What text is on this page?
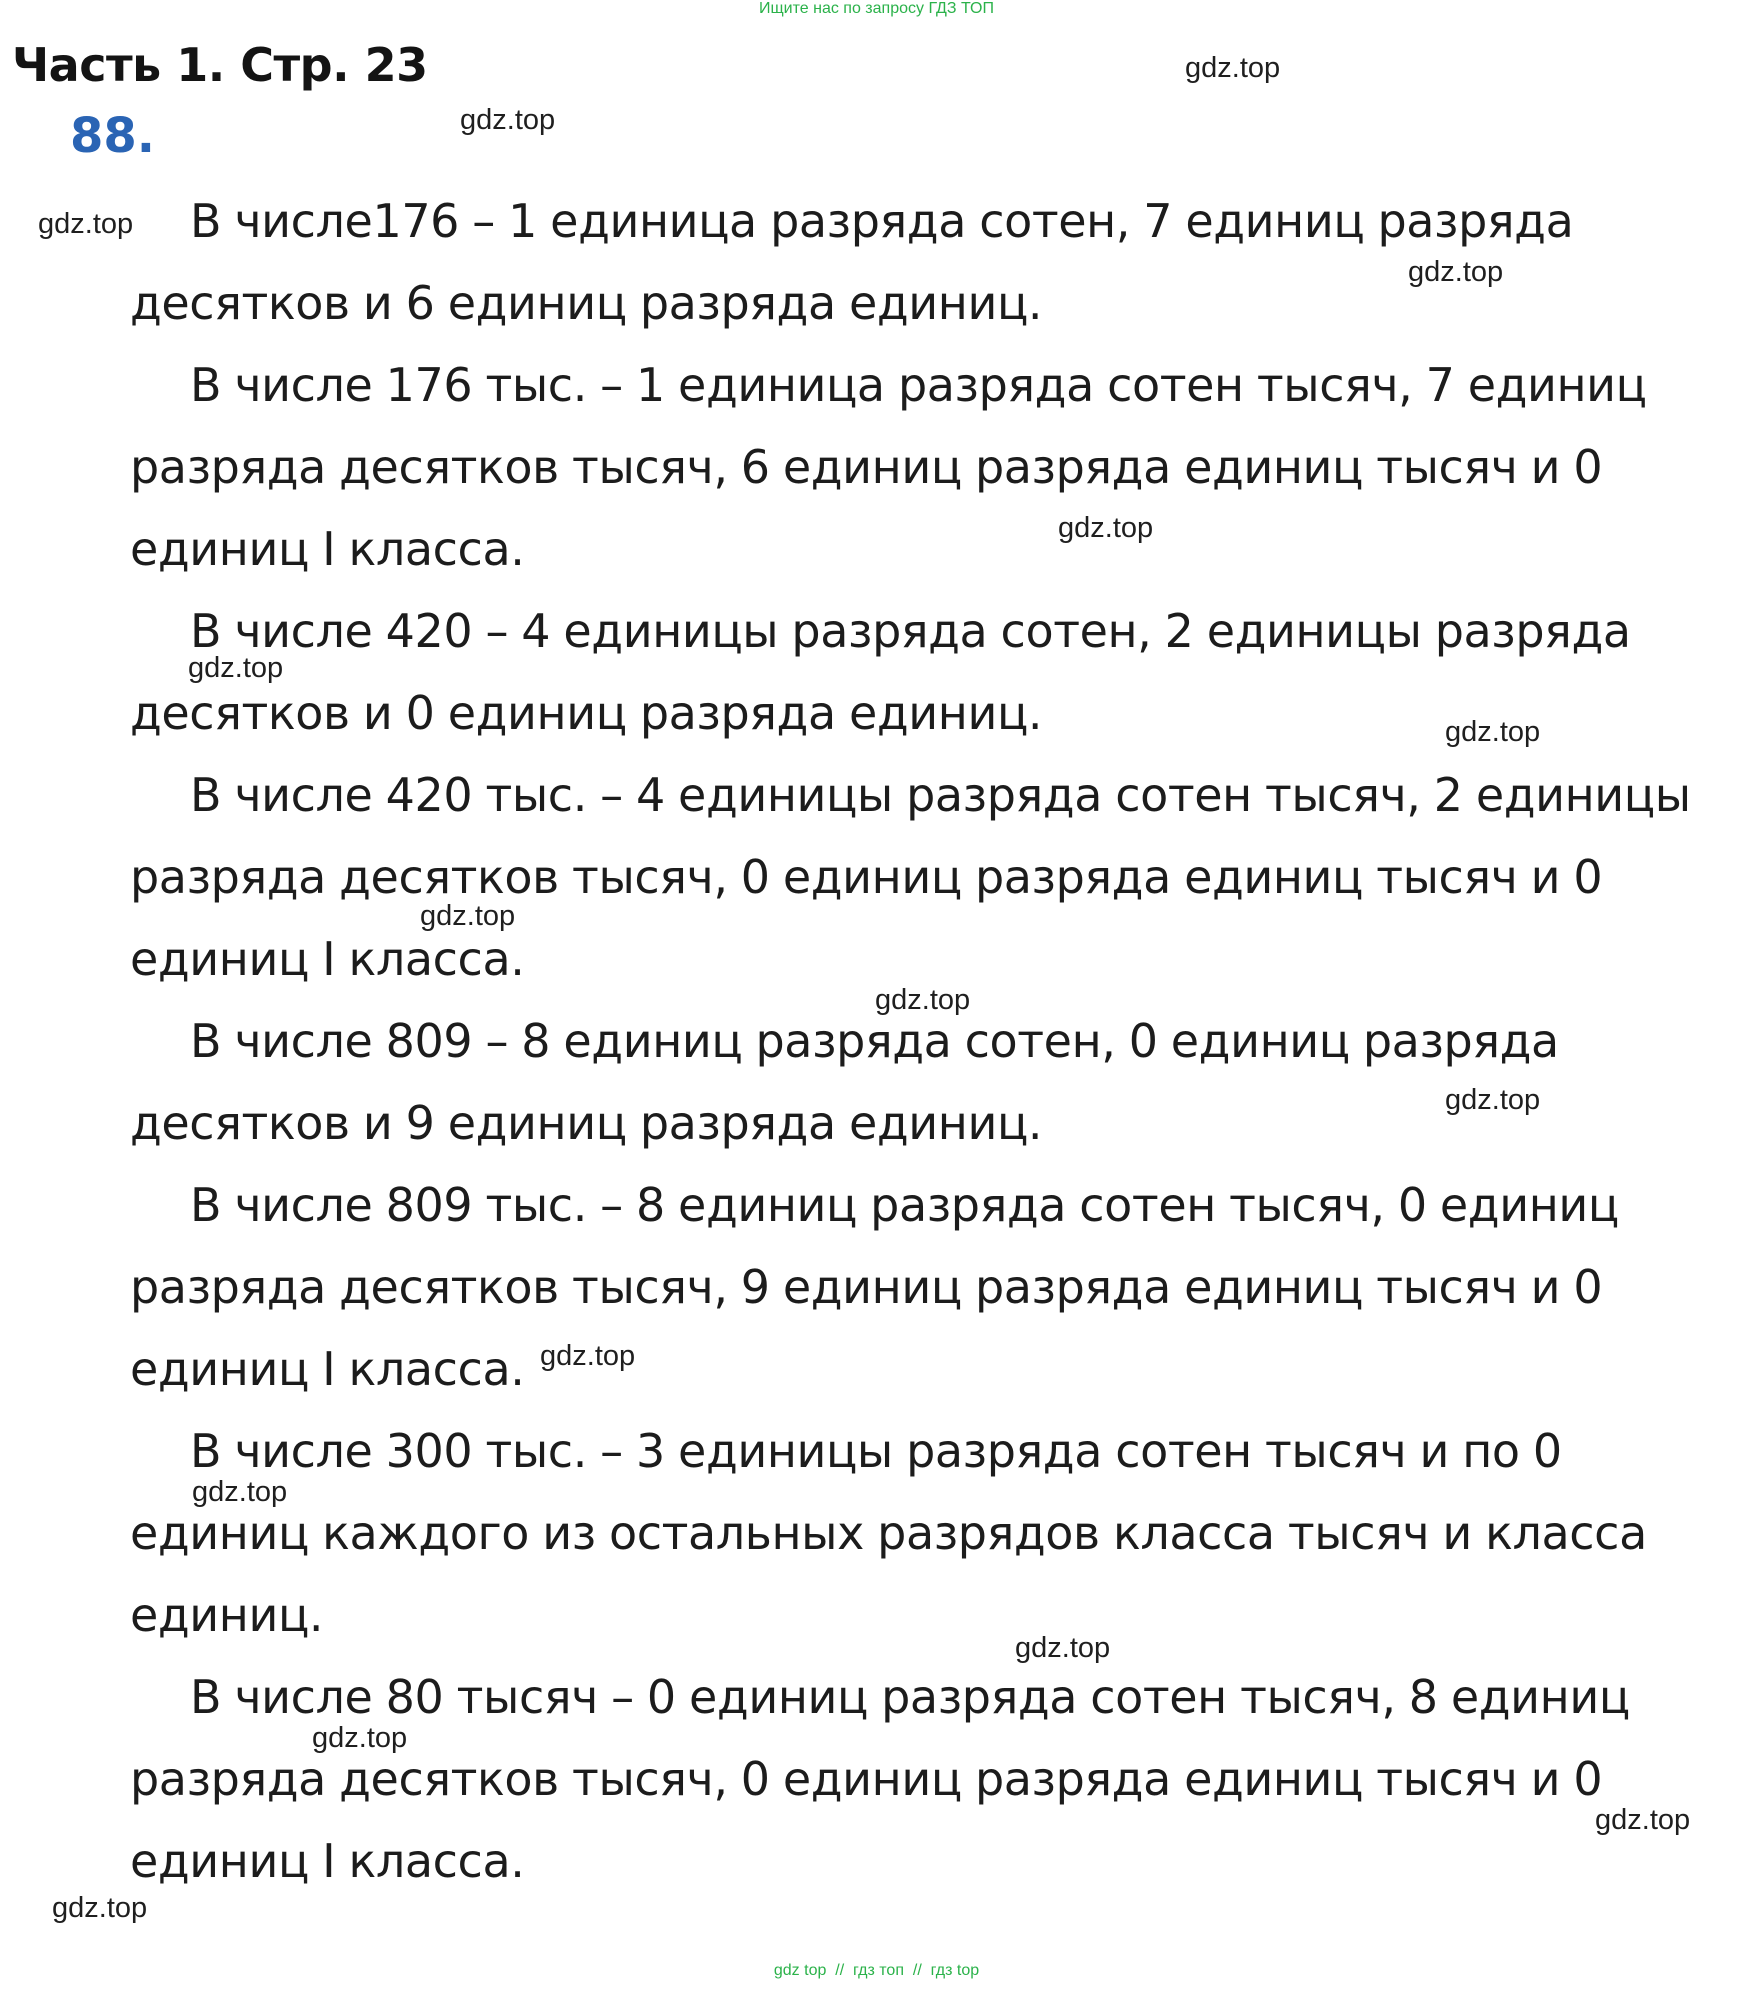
Ищите нас по запросу ГДЗ ТОП
Часть 1. Стр. 23
88.
В числе176 – 1 единица разряда сотен, 7 единиц разряда десятков и 6 единиц разряда единиц.
В числе 176 тыс. – 1 единица разряда сотен тысяч, 7 единиц разряда десятков тысяч, 6 единиц разряда единиц тысяч и 0 единиц I класса.
В числе 420 – 4 единицы разряда сотен, 2 единицы разряда десятков и 0 единиц разряда единиц.
В числе 420 тыс. – 4 единицы разряда сотен тысяч, 2 единицы разряда десятков тысяч, 0 единиц разряда единиц тысяч и 0 единиц I класса.
В числе 809 – 8 единиц разряда сотен, 0 единиц разряда десятков и 9 единиц разряда единиц.
В числе 809 тыс. – 8 единиц разряда сотен тысяч, 0 единиц разряда десятков тысяч, 9 единиц разряда единиц тысяч и 0 единиц I класса.
В числе 300 тыс. – 3 единицы разряда сотен тысяч и по 0 единиц каждого из остальных разрядов класса тысяч и класса единиц.
В числе 80 тысяч – 0 единиц разряда сотен тысяч, 8 единиц разряда десятков тысяч, 0 единиц разряда единиц тысяч и 0 единиц I класса.
gdz.top
gdz.top
gdz.top
gdz.top
gdz.top
gdz.top
gdz.top
gdz.top
gdz.top
gdz.top
gdz.top
gdz.top
gdz.top
gdz.top
gdz.top
gdz.top
gdz top  //  гдз топ  //  гдз top
